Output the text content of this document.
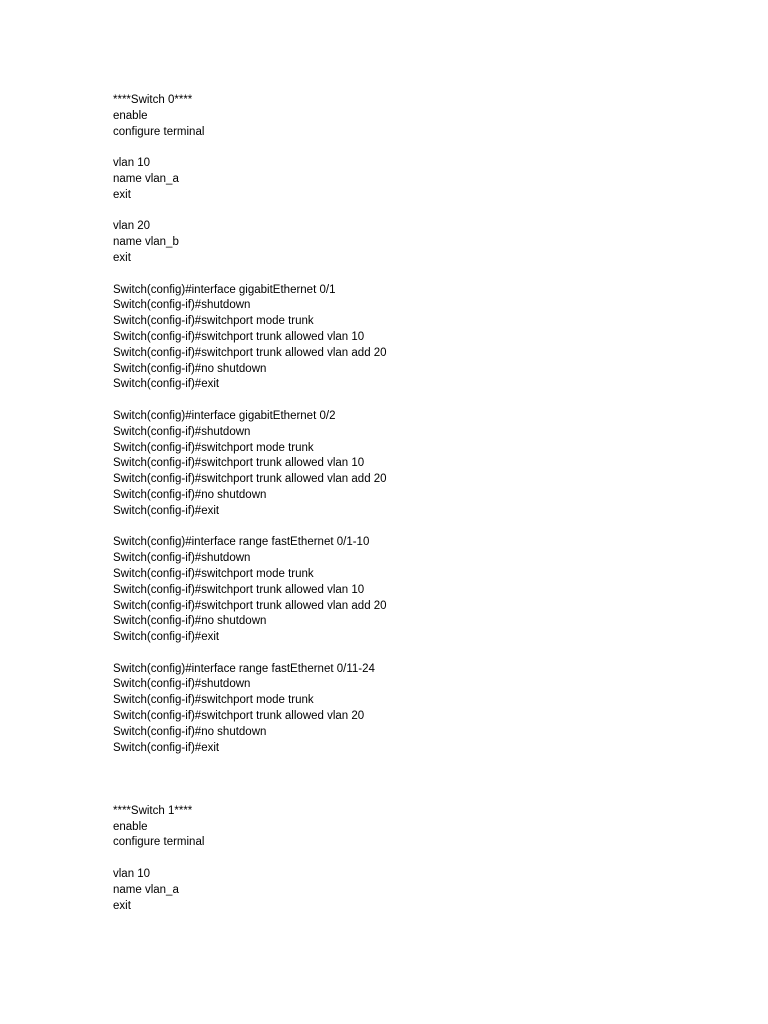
****Switch 0****
enable
configure terminal
vlan 10
name vlan_a
exit
vlan 20
name vlan_b
exit
Switch(config)#interface gigabitEthernet 0/1
Switch(config-if)#shutdown
Switch(config-if)#switchport mode trunk
Switch(config-if)#switchport trunk allowed vlan 10
Switch(config-if)#switchport trunk allowed vlan add 20
Switch(config-if)#no shutdown
Switch(config-if)#exit
Switch(config)#interface gigabitEthernet 0/2
Switch(config-if)#shutdown
Switch(config-if)#switchport mode trunk
Switch(config-if)#switchport trunk allowed vlan 10
Switch(config-if)#switchport trunk allowed vlan add 20
Switch(config-if)#no shutdown
Switch(config-if)#exit
Switch(config)#interface range fastEthernet 0/1-10
Switch(config-if)#shutdown
Switch(config-if)#switchport mode trunk
Switch(config-if)#switchport trunk allowed vlan 10
Switch(config-if)#switchport trunk allowed vlan add 20
Switch(config-if)#no shutdown
Switch(config-if)#exit
Switch(config)#interface range fastEthernet 0/11-24
Switch(config-if)#shutdown
Switch(config-if)#switchport mode trunk
Switch(config-if)#switchport trunk allowed vlan 20
Switch(config-if)#no shutdown
Switch(config-if)#exit
****Switch 1****
enable
configure terminal
vlan 10
name vlan_a
exit
